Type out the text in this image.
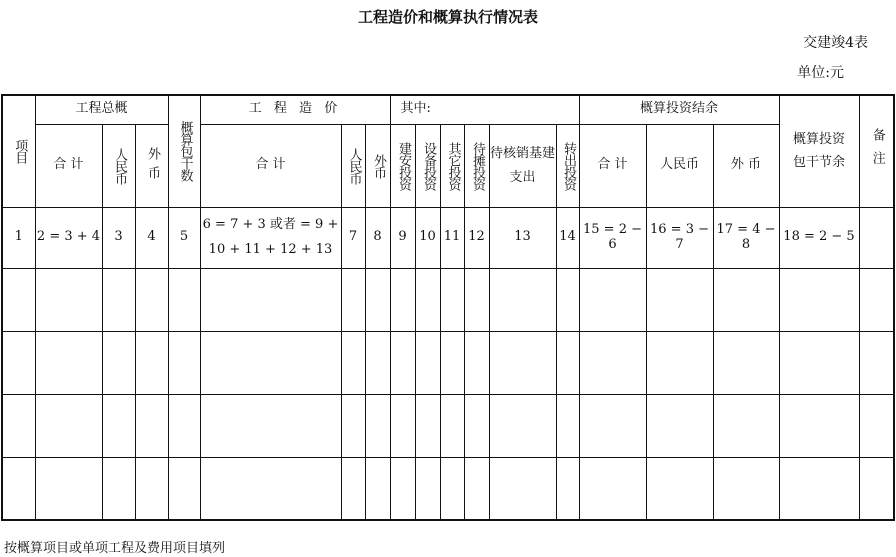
工程造价和概算执行情况表
交建竣4表
单位:元
项目	工程总概			概算包干数	工 程 造 价			其中:						概算投资结余			概算投资包干节余	备注

	合 计	人民币	外币		合 计	人民币	外币	建安投资	设备投资	其它投资	待摊投资	待核销基建支出	转出投资	合 计	人民币	外 币		
1	2 = 3 + 4	3	4	5	6 = 7 + 3 或者 = 9 + 10 + 11 + 12 + 13	7	8	9	10	11	12	13	14	15 = 2 − 6	16 = 3 − 7	17 = 4 − 8	18 = 2 − 5	

按概算项目或单项工程及费用项目填列
